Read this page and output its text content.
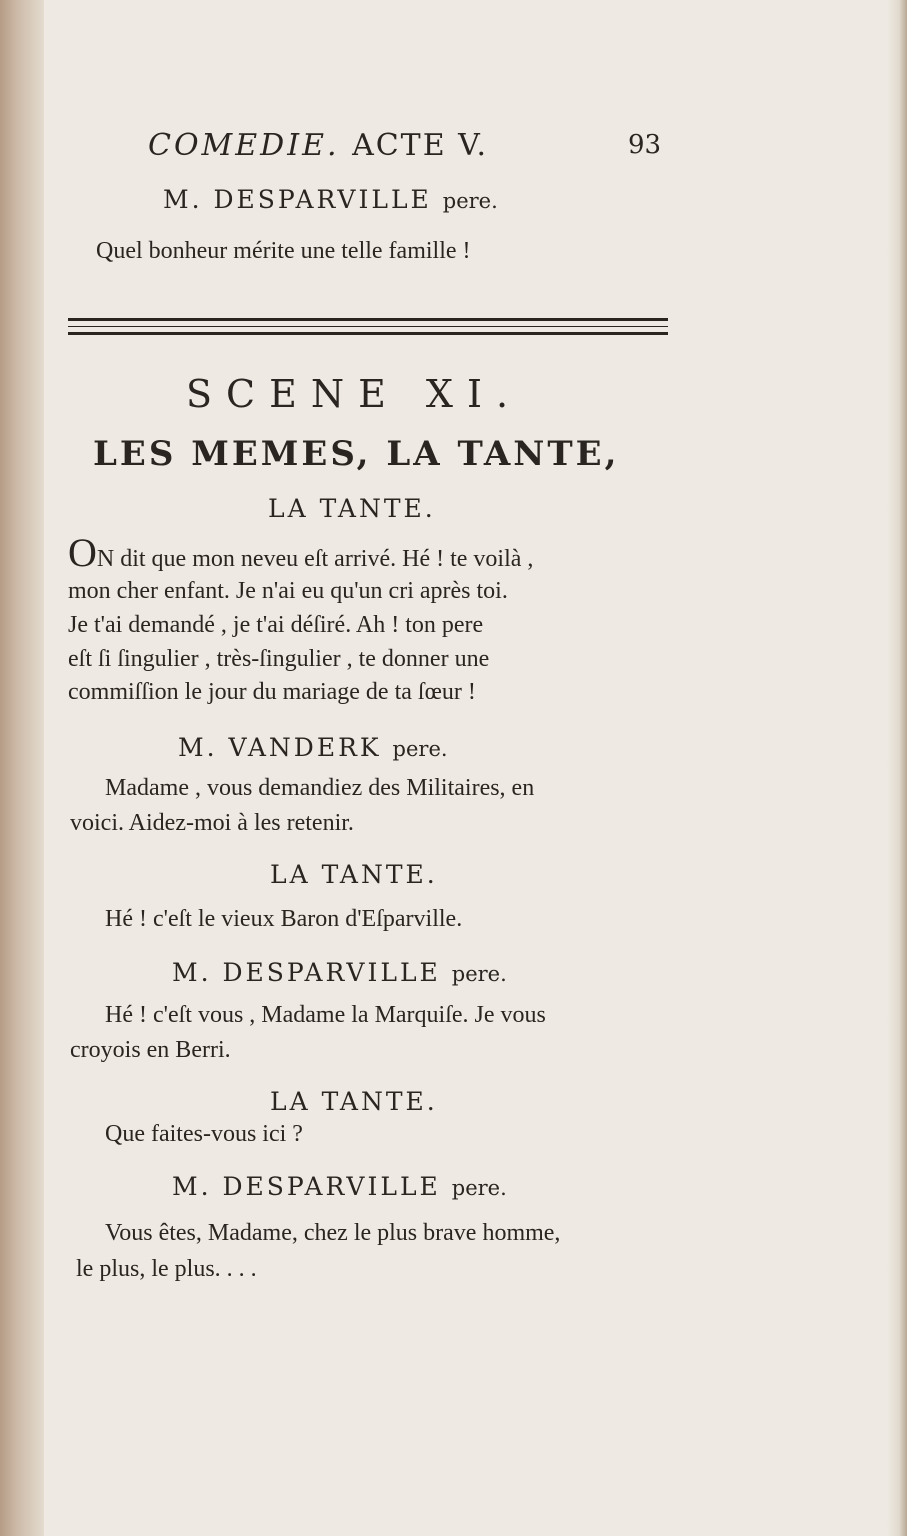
COMEDIE. ACTE V.	93
M. DESPARVILLE pere.
Quel bonheur mérite une telle famille !
SCENE XI.
LES MEMES, LA TANTE,
LA TANTE.
ON dit que mon neveu eſt arrivé. Hé ! te voilà ,
mon cher enfant. Je n'ai eu qu'un cri après toi.
Je t'ai demandé , je t'ai déſiré. Ah ! ton pere
eſt ſi ſingulier , très-ſingulier , te donner une
commiſſion le jour du mariage de ta ſœur !
M. VANDERK pere.
Madame , vous demandiez des Militaires, en
voici. Aidez-moi à les retenir.
LA TANTE.
Hé ! c'eſt le vieux Baron d'Eſparville.
M. DESPARVILLE pere.
Hé ! c'eſt vous , Madame la Marquiſe. Je vous
croyois en Berri.
LA TANTE.
Que faites-vous ici ?
M. DESPARVILLE pere.
Vous êtes, Madame, chez le plus brave homme,
le plus, le plus. . . .
